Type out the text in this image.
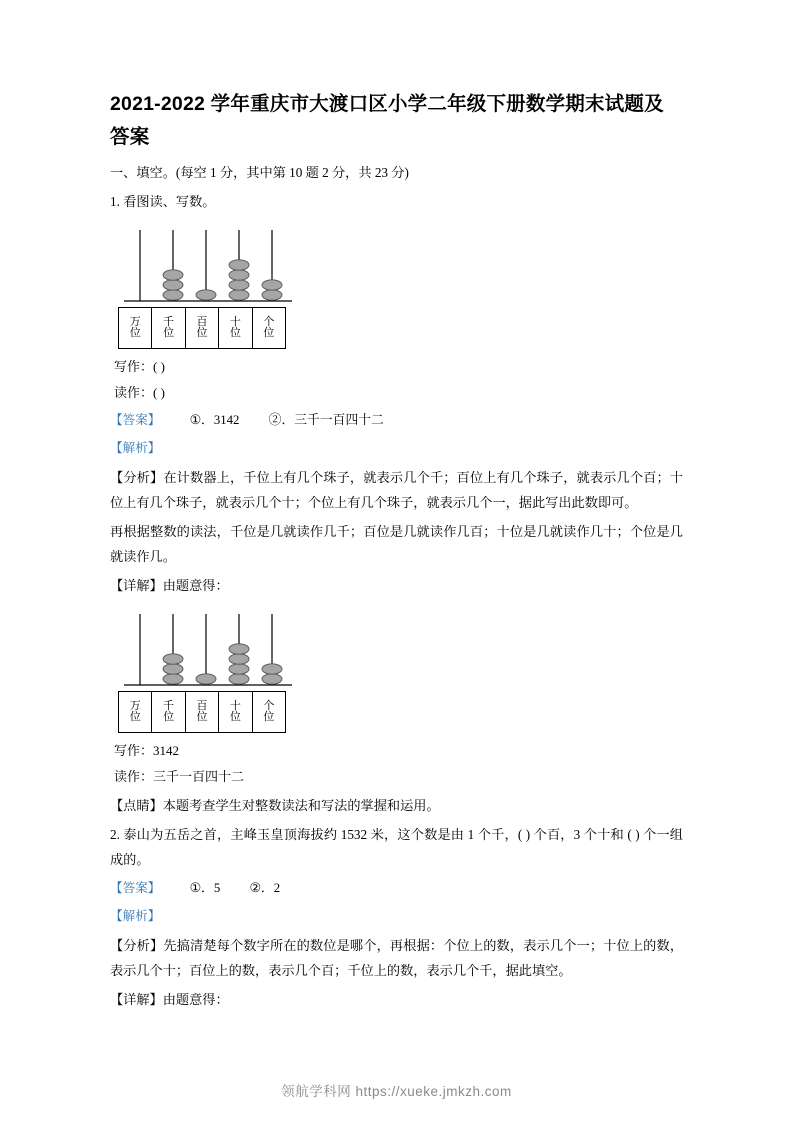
2021-2022 学年重庆市大渡口区小学二年级下册数学期末试题及答案
一、填空。(每空 1 分，其中第 10 题 2 分，共 23 分)
1. 看图读、写数。
万
位
千
位
百
位
十
位
个
位
写作：( )
读作：( )
【答案】 ①．3142 ②．三千一百四十二
【解析】
【分析】在计数器上，千位上有几个珠子，就表示几个千；百位上有几个珠子，就表示几个百；十位上有几个珠子，就表示几个十；个位上有几个珠子，就表示几个一，据此写出此数即可。
再根据整数的读法，千位是几就读作几千；百位是几就读作几百；十位是几就读作几十；个位是几就读作几。
【详解】由题意得：
万
位
千
位
百
位
十
位
个
位
写作：3142
读作：三千一百四十二
【点睛】本题考查学生对整数读法和写法的掌握和运用。
2. 泰山为五岳之首，主峰玉皇顶海拔约 1532 米，这个数是由 1 个千，( ) 个百，3 个十和 ( ) 个一组成的。
【答案】 ①．5 ②．2
【解析】
【分析】先搞清楚每个数字所在的数位是哪个，再根据：个位上的数，表示几个一；十位上的数，表示几个十；百位上的数，表示几个百；千位上的数，表示几个千，据此填空。
【详解】由题意得：
领航学科网 https://xueke.jmkzh.com
